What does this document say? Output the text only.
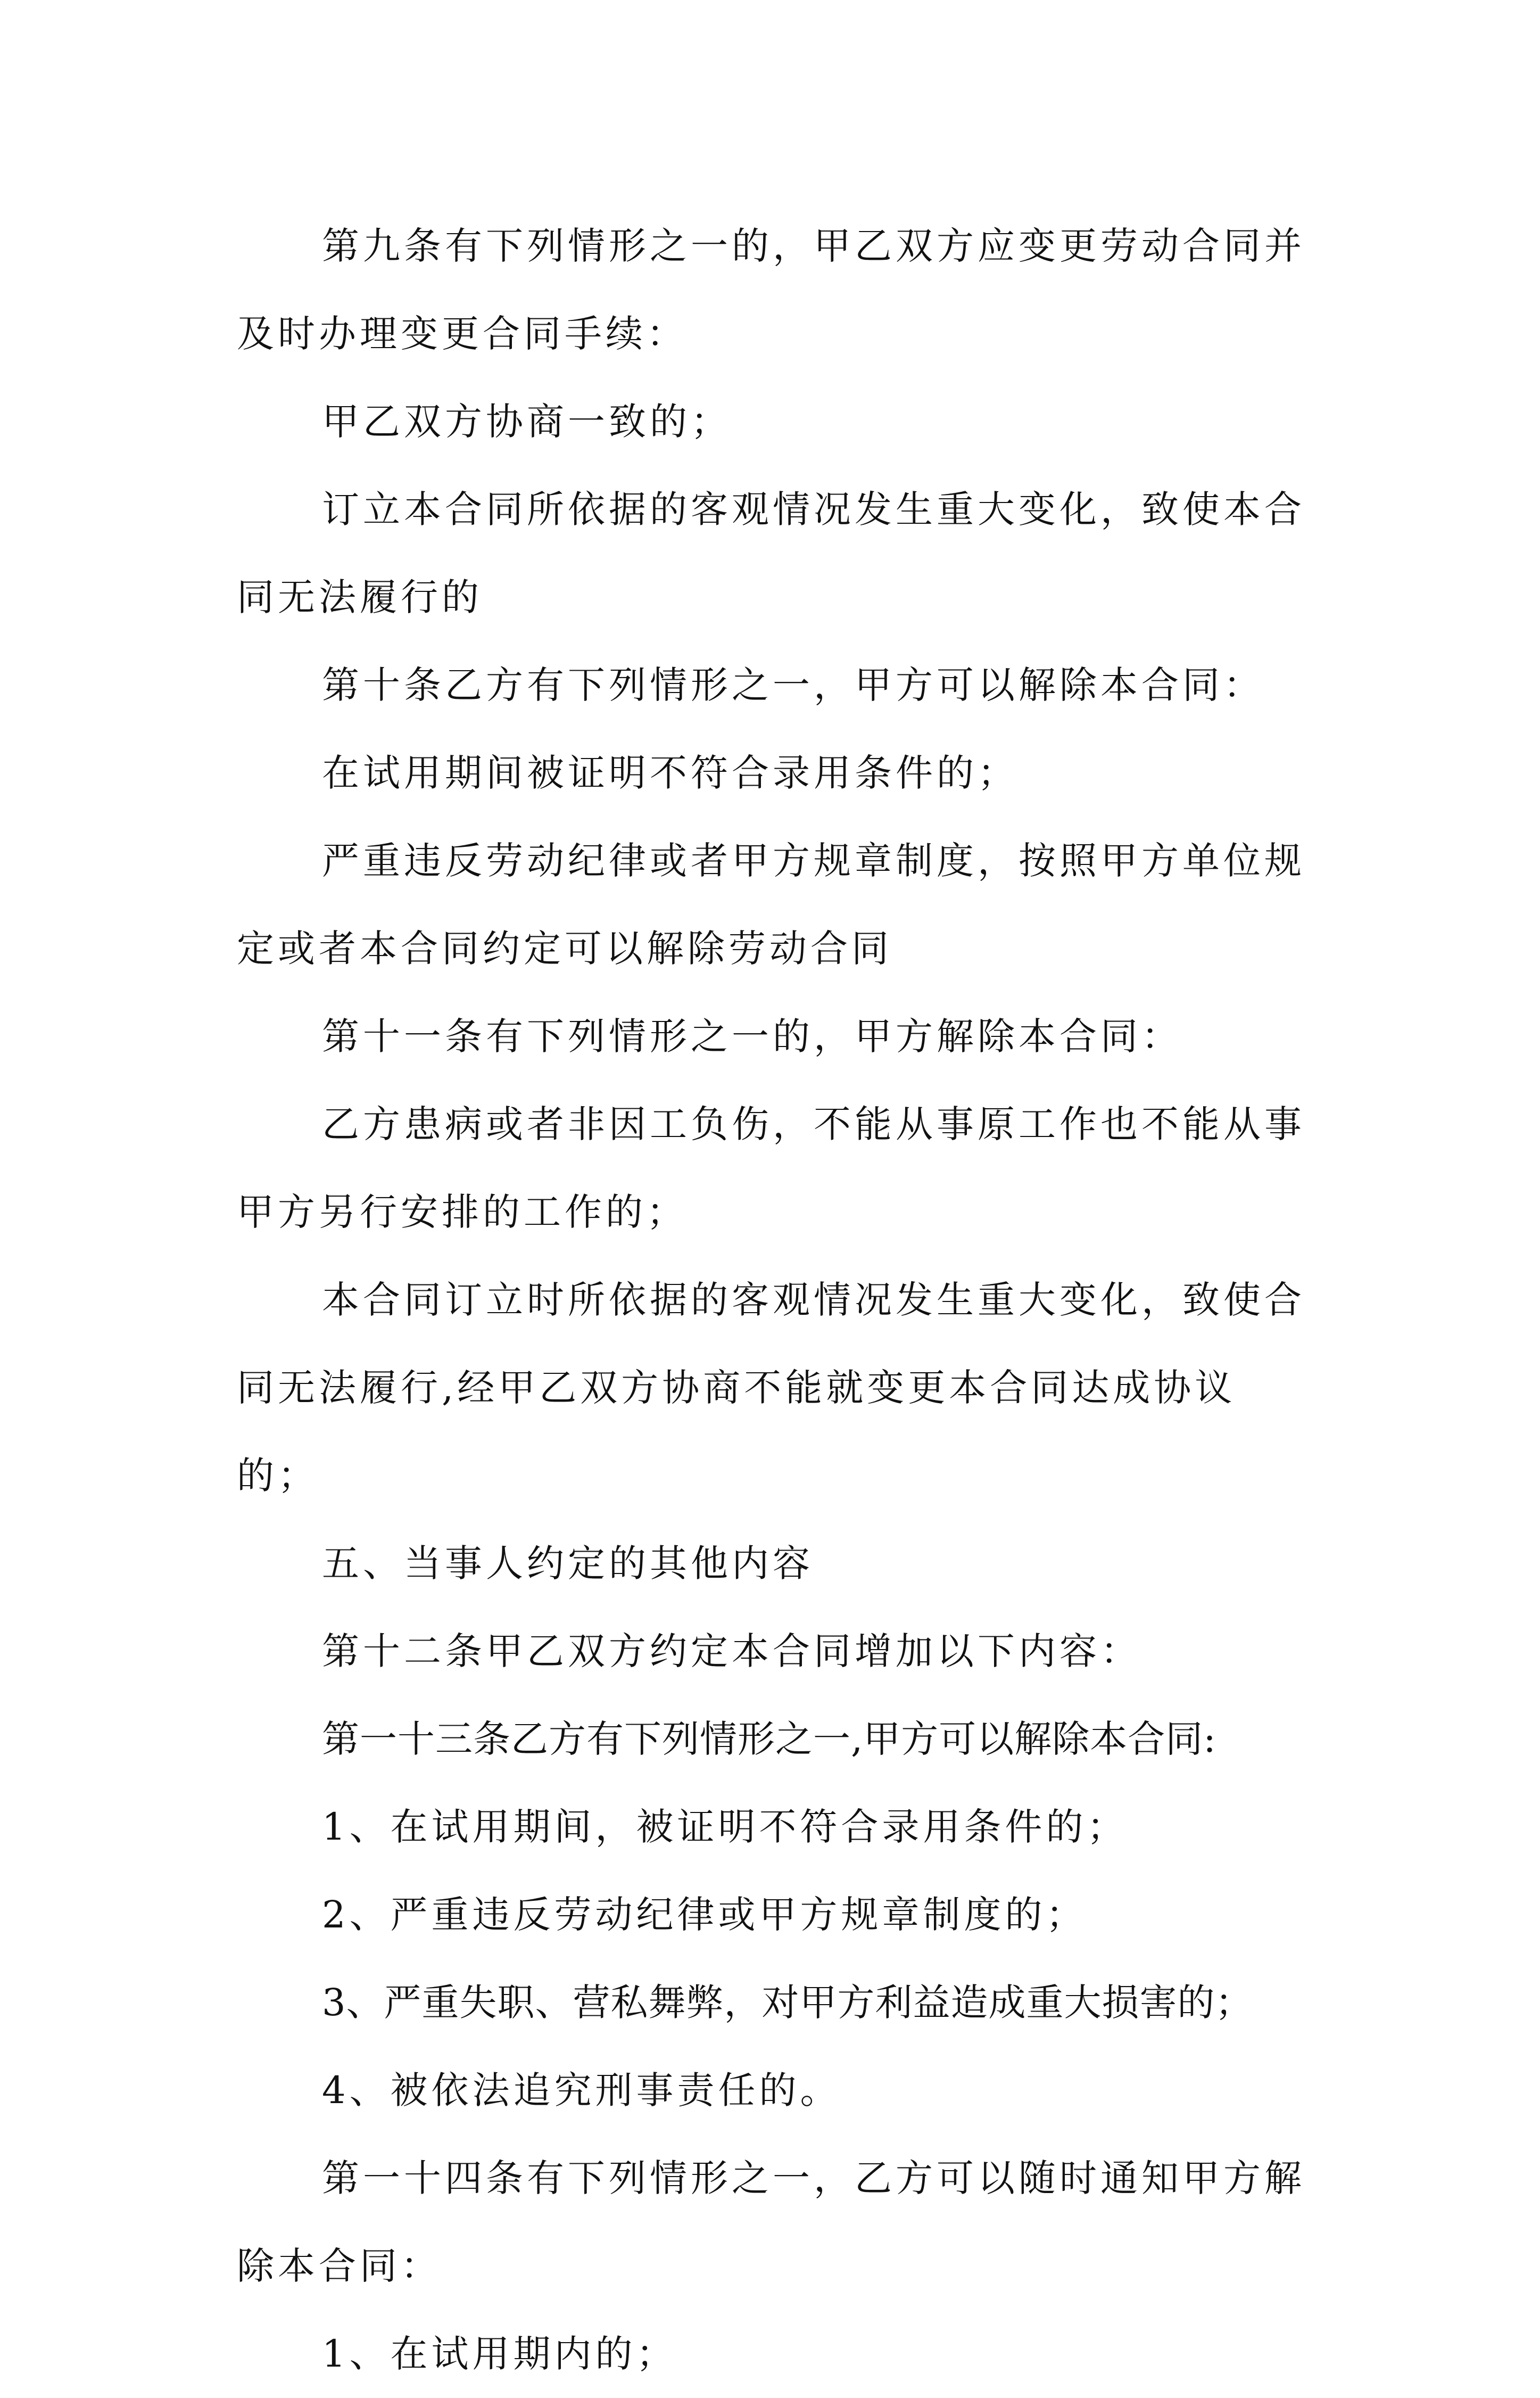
第九条有下列情形之一的，甲乙双方应变更劳动合同并及时办理变更合同手续：

甲乙双方协商一致的；

订立本合同所依据的客观情况发生重大变化，致使本合同无法履行的

第十条乙方有下列情形之一，甲方可以解除本合同：

在试用期间被证明不符合录用条件的；

严重违反劳动纪律或者甲方规章制度，按照甲方单位规定或者本合同约定可以解除劳动合同

第十一条有下列情形之一的，甲方解除本合同：

乙方患病或者非因工负伤，不能从事原工作也不能从事甲方另行安排的工作的；

本合同订立时所依据的客观情况发生重大变化，致使合同无法履行,经甲乙双方协商不能就变更本合同达成协议的；

五、当事人约定的其他内容

第十二条甲乙双方约定本合同增加以下内容：

第一十三条乙方有下列情形之一,甲方可以解除本合同:

1、在试用期间，被证明不符合录用条件的；

2、严重违反劳动纪律或甲方规章制度的；

3、严重失职、营私舞弊，对甲方利益造成重大损害的；

4、被依法追究刑事责任的。

第一十四条有下列情形之一，乙方可以随时通知甲方解除本合同：

1、在试用期内的；
